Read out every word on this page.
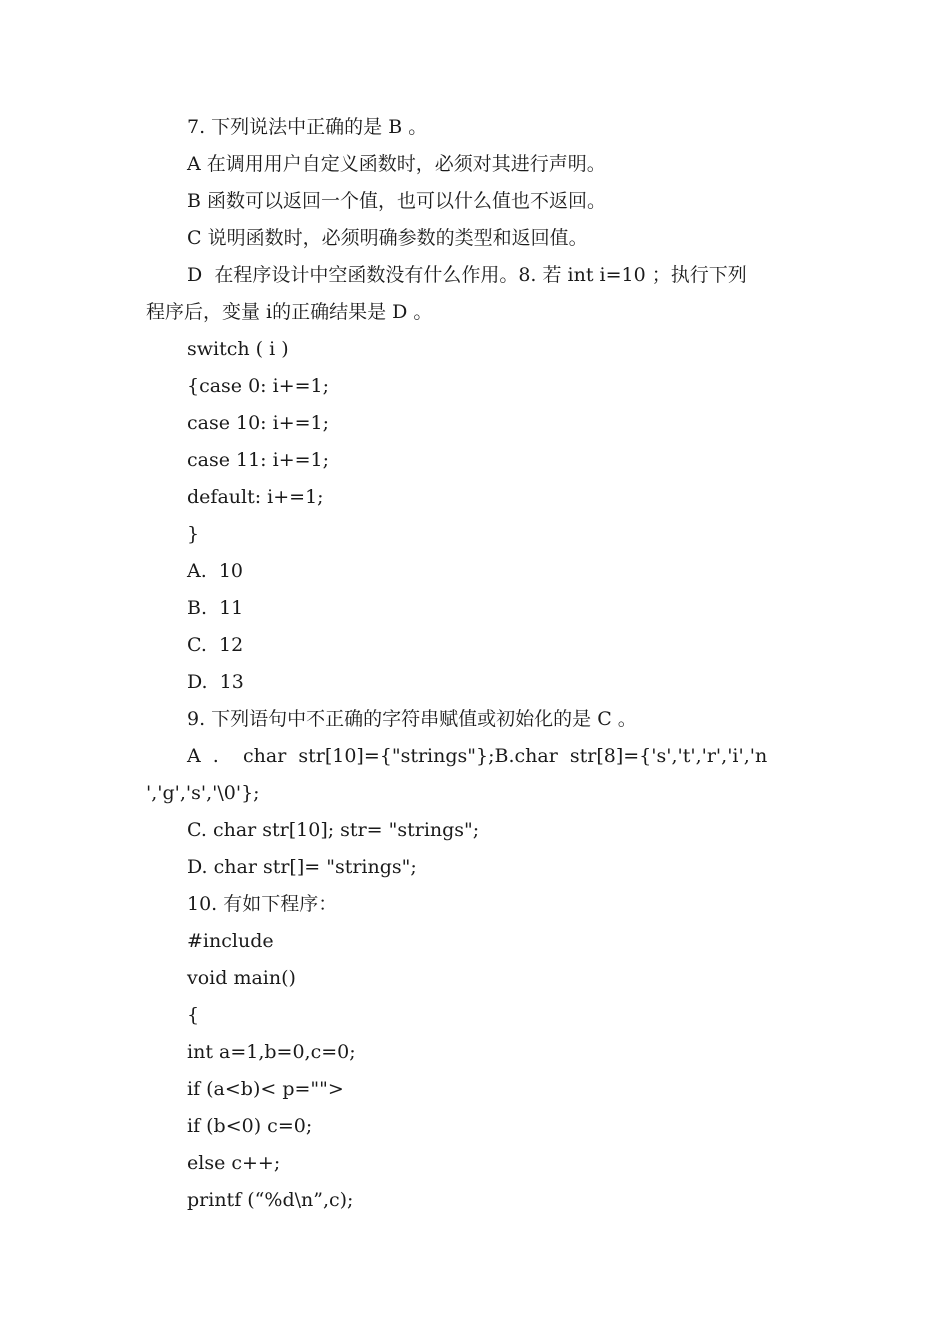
7. 下列说法中正确的是 B 。
A 在调用用户自定义函数时，必须对其进行声明。
B 函数可以返回一个值，也可以什么值也不返回。
C 说明函数时，必须明确参数的类型和返回值。
D  在程序设计中空函数没有什么作用。8. 若 int i=10 ；执行下列
程序后，变量 i的正确结果是 D 。
switch ( i )
{case 0: i+=1;
case 10: i+=1;
case 11: i+=1;
default: i+=1;
}
A.  10
B.  11
C.  12
D.  13
9. 下列语句中不正确的字符串赋值或初始化的是 C 。
A  .    char  str[10]={"strings"};B.char  str[8]={'s','t','r','i','n
','g','s','\0'};
C. char str[10]; str= "strings";
D. char str[]= "strings";
10. 有如下程序：
#include
void main()
{
int a=1,b=0,c=0;
if (a<b)< p="">
if (b<0) c=0;
else c++;
printf (“%d\n”,c);
